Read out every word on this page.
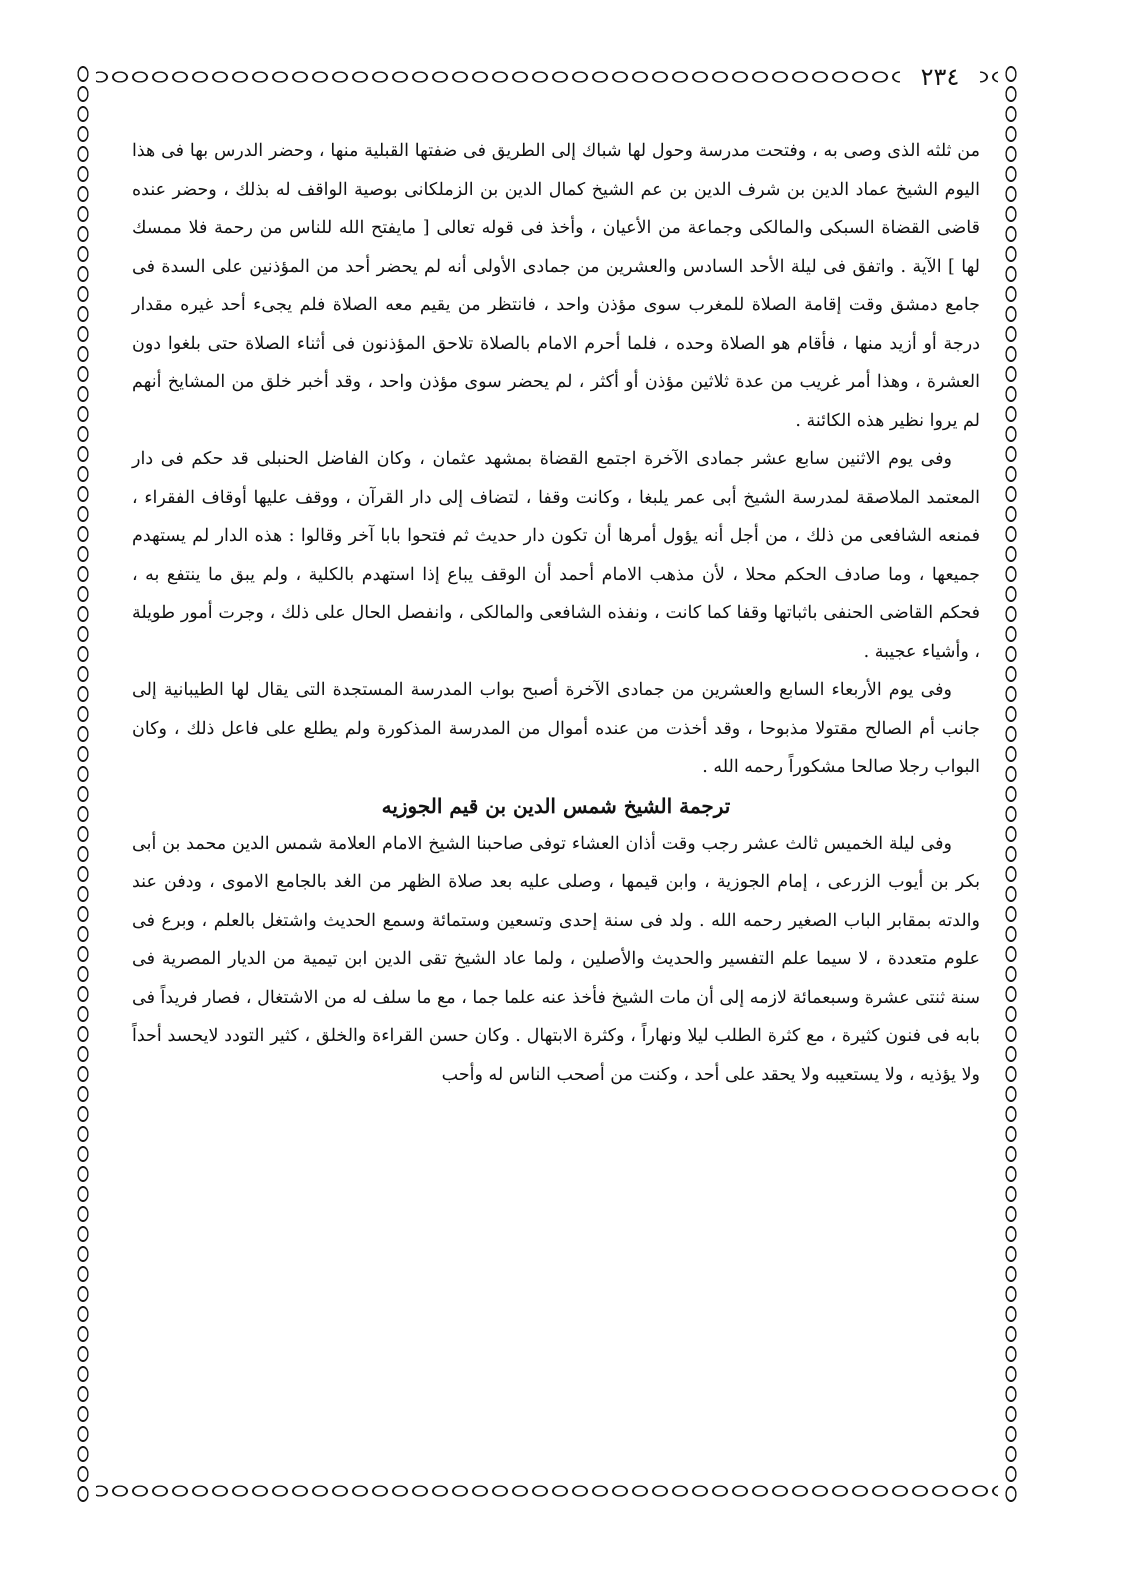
٢٣٤

من ثلثه الذى وصى به ، وفتحت مدرسة وحول لها شباك إلى الطريق فى ضفتها القبلية منها ، وحضر الدرس بها فى هذا اليوم الشيخ عماد الدين بن شرف الدين بن عم الشيخ كمال الدين بن الزملكانى بوصية الواقف له بذلك ، وحضر عنده قاضى القضاة السبكى والمالكى وجماعة من الأعيان ، وأخذ فى قوله تعالى [ مايفتح الله للناس من رحمة فلا ممسك لها ] الآية . واتفق فى ليلة الأحد السادس والعشرين من جمادى الأولى أنه لم يحضر أحد من المؤذنين على السدة فى جامع دمشق وقت إقامة الصلاة للمغرب سوى مؤذن واحد ، فانتظر من يقيم معه الصلاة فلم يجىء أحد غيره مقدار درجة أو أزيد منها ، فأقام هو الصلاة وحده ، فلما أحرم الامام بالصلاة تلاحق المؤذنون فى أثناء الصلاة حتى بلغوا دون العشرة ، وهذا أمر غريب من عدة ثلاثين مؤذن أو أكثر ، لم يحضر سوى مؤذن واحد ، وقد أخبر خلق من المشايخ أنهم لم يروا نظير هذه الكائنة .

وفى يوم الاثنين سابع عشر جمادى الآخرة اجتمع القضاة بمشهد عثمان ، وكان الفاضل الحنبلى قد حكم فى دار المعتمد الملاصقة لمدرسة الشيخ أبى عمر يلبغا ، وكانت وقفا ، لتضاف إلى دار القرآن ، ووقف عليها أوقاف الفقراء ، فمنعه الشافعى من ذلك ، من أجل أنه يؤول أمرها أن تكون دار حديث ثم فتحوا بابا آخر وقالوا : هذه الدار لم يستهدم جميعها ، وما صادف الحكم محلا ، لأن مذهب الامام أحمد أن الوقف يباع إذا استهدم بالكلية ، ولم يبق ما ينتفع به ، فحكم القاضى الحنفى باثباتها وقفا كما كانت ، ونفذه الشافعى والمالكى ، وانفصل الحال على ذلك ، وجرت أمور طويلة ، وأشياء عجيبة .

وفى يوم الأربعاء السابع والعشرين من جمادى الآخرة أصبح بواب المدرسة المستجدة التى يقال لها الطيبانية إلى جانب أم الصالح مقتولا مذبوحا ، وقد أخذت من عنده أموال من المدرسة المذكورة ولم يطلع على فاعل ذلك ، وكان البواب رجلا صالحا مشكوراً رحمه الله .

ترجمة الشيخ شمس الدين بن قيم الجوزيه

وفى ليلة الخميس ثالث عشر رجب وقت أذان العشاء توفى صاحبنا الشيخ الامام العلامة شمس الدين محمد بن أبى بكر بن أيوب الزرعى ، إمام الجوزية ، وابن قيمها ، وصلى عليه بعد صلاة الظهر من الغد بالجامع الاموى ، ودفن عند والدته بمقابر الباب الصغير رحمه الله . ولد فى سنة إحدى وتسعين وستمائة وسمع الحديث واشتغل بالعلم ، وبرع فى علوم متعددة ، لا سيما علم التفسير والحديث والأصلين ، ولما عاد الشيخ تقى الدين ابن تيمية من الديار المصرية فى سنة ثنتى عشرة وسبعمائة لازمه إلى أن مات الشيخ فأخذ عنه علما جما ، مع ما سلف له من الاشتغال ، فصار فريداً فى بابه فى فنون كثيرة ، مع كثرة الطلب ليلا ونهاراً ، وكثرة الابتهال . وكان حسن القراءة والخلق ، كثير التودد لايحسد أحداً ولا يؤذيه ، ولا يستعيبه ولا يحقد على أحد ، وكنت من أصحب الناس له وأحب
